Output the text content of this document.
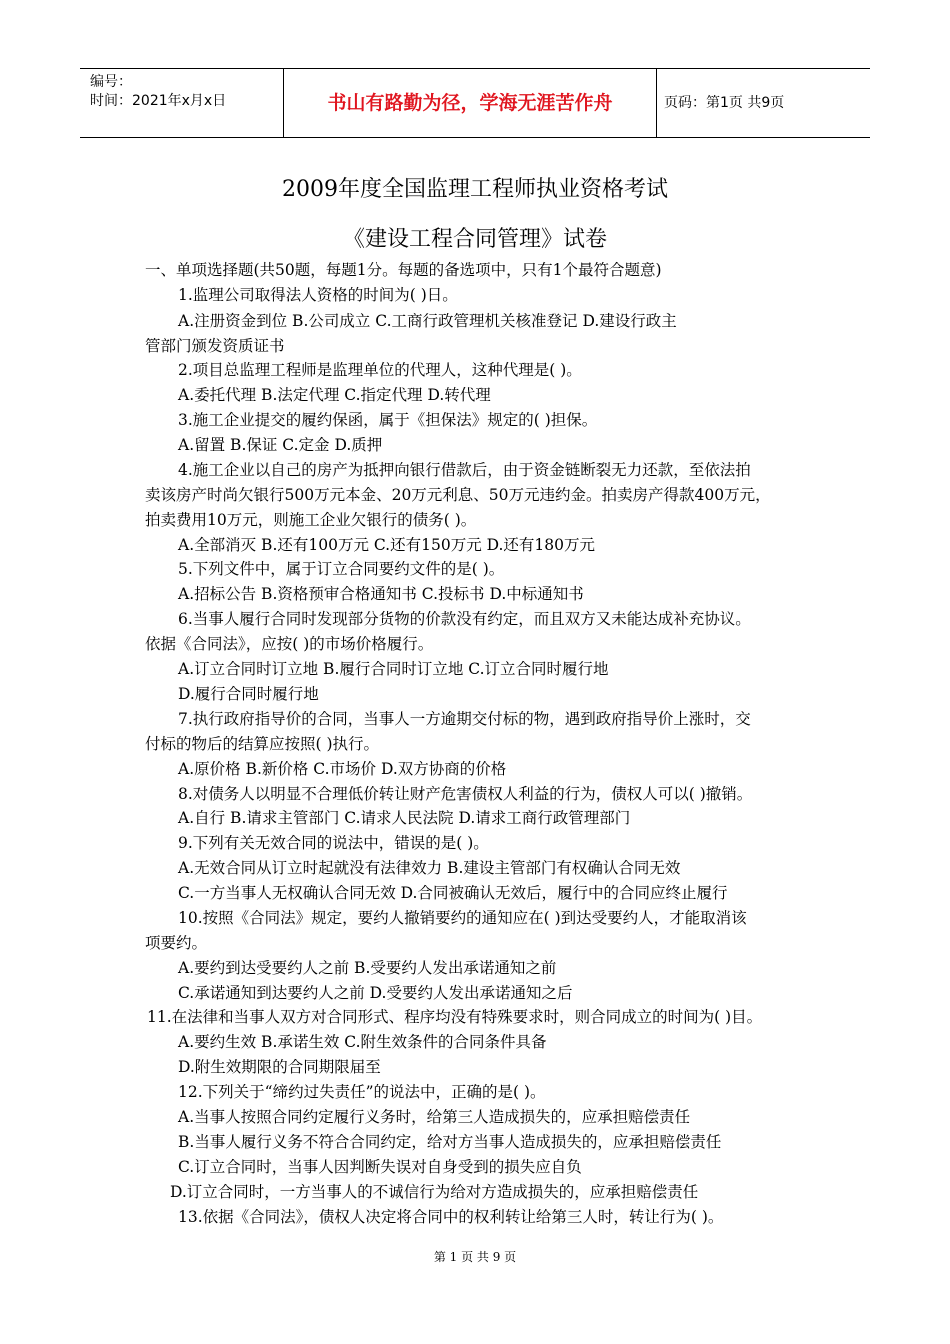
编号：
时间：2021年x月x日	书山有路勤为径，学海无涯苦作舟	页码：第1页 共9页
2009年度全国监理工程师执业资格考试
《建设工程合同管理》试卷
一、单项选择题(共50题，每题1分。每题的备选项中，只有1个最符合题意)
1.监理公司取得法人资格的时间为( )日。
A.注册资金到位 B.公司成立 C.工商行政管理机关核准登记 D.建设行政主
管部门颁发资质证书
2.项目总监理工程师是监理单位的代理人，这种代理是( )。
A.委托代理 B.法定代理 C.指定代理 D.转代理
3.施工企业提交的履约保函，属于《担保法》规定的( )担保。
A.留置 B.保证 C.定金 D.质押
4.施工企业以自己的房产为抵押向银行借款后，由于资金链断裂无力还款，至依法拍
卖该房产时尚欠银行500万元本金、20万元利息、50万元违约金。拍卖房产得款400万元，
拍卖费用10万元，则施工企业欠银行的债务( )。
A.全部消灭 B.还有100万元 C.还有150万元 D.还有180万元
5.下列文件中，属于订立合同要约文件的是( )。
A.招标公告 B.资格预审合格通知书 C.投标书 D.中标通知书
6.当事人履行合同时发现部分货物的价款没有约定，而且双方又未能达成补充协议。
依据《合同法》，应按( )的市场价格履行。
A.订立合同时订立地 B.履行合同时订立地 C.订立合同时履行地
D.履行合同时履行地
7.执行政府指导价的合同，当事人一方逾期交付标的物，遇到政府指导价上涨时，交
付标的物后的结算应按照( )执行。
A.原价格 B.新价格 C.市场价 D.双方协商的价格
8.对债务人以明显不合理低价转让财产危害债权人利益的行为，债权人可以( )撤销。
A.自行 B.请求主管部门 C.请求人民法院 D.请求工商行政管理部门
9.下列有关无效合同的说法中，错误的是( )。
A.无效合同从订立时起就没有法律效力 B.建设主管部门有权确认合同无效
C.一方当事人无权确认合同无效 D.合同被确认无效后，履行中的合同应终止履行
10.按照《合同法》规定，要约人撤销要约的通知应在( )到达受要约人，才能取消该
项要约。
A.要约到达受要约人之前 B.受要约人发出承诺通知之前
C.承诺通知到达要约人之前 D.受要约人发出承诺通知之后
11.在法律和当事人双方对合同形式、程序均没有特殊要求时，则合同成立的时间为( )目。
A.要约生效 B.承诺生效 C.附生效条件的合同条件具备
D.附生效期限的合同期限届至
12.下列关于“缔约过失责任”的说法中，正确的是( )。
A.当事人按照合同约定履行义务时，给第三人造成损失的，应承担赔偿责任
B.当事人履行义务不符合合同约定，给对方当事人造成损失的，应承担赔偿责任
C.订立合同时，当事人因判断失误对自身受到的损失应自负
D.订立合同时，一方当事人的不诚信行为给对方造成损失的，应承担赔偿责任
13.依据《合同法》，债权人决定将合同中的权利转让给第三人时，转让行为( )。
第 1 页 共 9 页
